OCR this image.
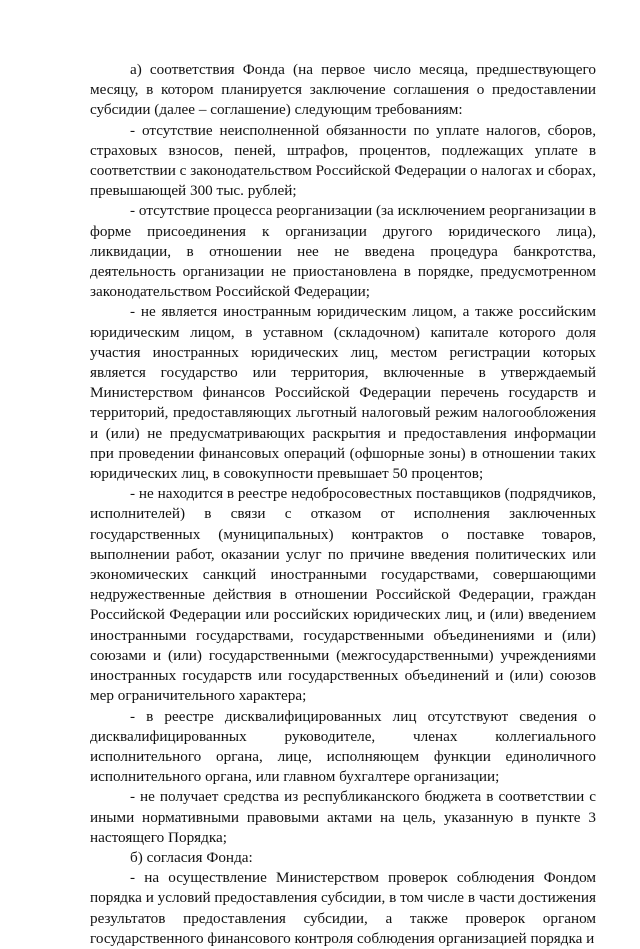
а) соответствия Фонда (на первое число месяца, предшествующего месяцу, в котором планируется заключение соглашения о предоставлении субсидии (далее – соглашение) следующим требованиям:

- отсутствие неисполненной обязанности по уплате налогов, сборов, страховых взносов, пеней, штрафов, процентов, подлежащих уплате в соответствии с законодательством Российской Федерации о налогах и сборах, превышающей 300 тыс. рублей;

- отсутствие процесса реорганизации (за исключением реорганизации в форме присоединения к организации другого юридического лица), ликвидации, в отношении нее не введена процедура банкротства, деятельность организации не приостановлена в порядке, предусмотренном законодательством Российской Федерации;

- не является иностранным юридическим лицом, а также российским юридическим лицом, в уставном (складочном) капитале которого доля участия иностранных юридических лиц, местом регистрации которых является государство или территория, включенные в утверждаемый Министерством финансов Российской Федерации перечень государств и территорий, предоставляющих льготный налоговый режим налогообложения и (или) не предусматривающих раскрытия и предоставления информации при проведении финансовых операций (офшорные зоны) в отношении таких юридических лиц, в совокупности превышает 50 процентов;

- не находится в реестре недобросовестных поставщиков (подрядчиков, исполнителей) в связи с отказом от исполнения заключенных государственных (муниципальных) контрактов о поставке товаров, выполнении работ, оказании услуг по причине введения политических или экономических санкций иностранными государствами, совершающими недружественные действия в отношении Российской Федерации, граждан Российской Федерации или российских юридических лиц, и (или) введением иностранными государствами, государственными объединениями и (или) союзами и (или) государственными (межгосударственными) учреждениями иностранных государств или государственных объединений и (или) союзов мер ограничительного характера;

- в реестре дисквалифицированных лиц отсутствуют сведения о дисквалифицированных руководителе, членах коллегиального исполнительного органа, лице, исполняющем функции единоличного исполнительного органа, или главном бухгалтере организации;

- не получает средства из республиканского бюджета в соответствии с иными нормативными правовыми актами на цель, указанную в пункте 3 настоящего Порядка;

б) согласия Фонда:

- на осуществление Министерством проверок соблюдения Фондом порядка и условий предоставления субсидии, в том числе в части достижения результатов предоставления субсидии, а также проверок органом государственного финансового контроля соблюдения организацией порядка и
